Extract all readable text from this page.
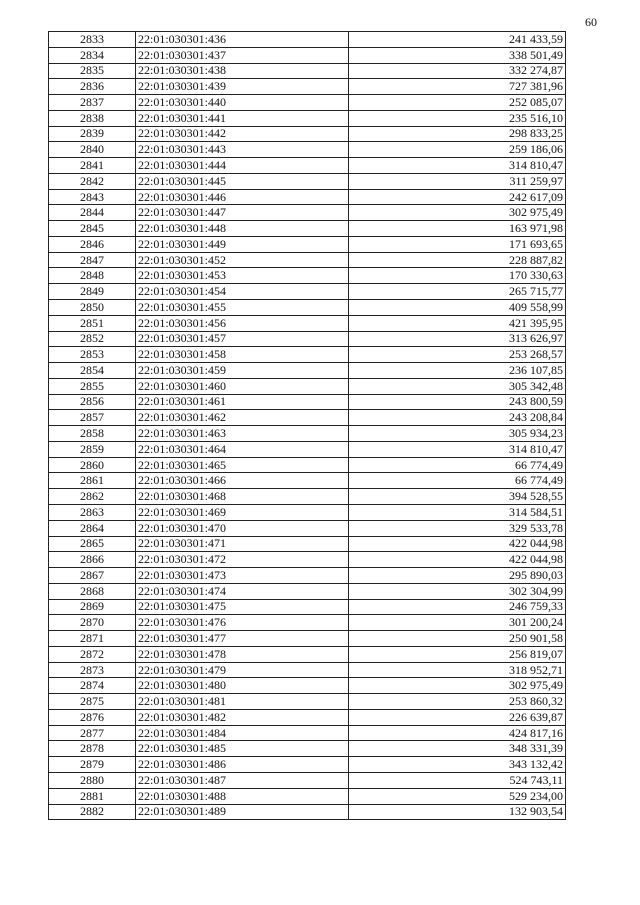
60
2833	22:01:030301:436	241 433,59
2834	22:01:030301:437	338 501,49
2835	22:01:030301:438	332 274,87
2836	22:01:030301:439	727 381,96
2837	22:01:030301:440	252 085,07
2838	22:01:030301:441	235 516,10
2839	22:01:030301:442	298 833,25
2840	22:01:030301:443	259 186,06
2841	22:01:030301:444	314 810,47
2842	22:01:030301:445	311 259,97
2843	22:01:030301:446	242 617,09
2844	22:01:030301:447	302 975,49
2845	22:01:030301:448	163 971,98
2846	22:01:030301:449	171 693,65
2847	22:01:030301:452	228 887,82
2848	22:01:030301:453	170 330,63
2849	22:01:030301:454	265 715,77
2850	22:01:030301:455	409 558,99
2851	22:01:030301:456	421 395,95
2852	22:01:030301:457	313 626,97
2853	22:01:030301:458	253 268,57
2854	22:01:030301:459	236 107,85
2855	22:01:030301:460	305 342,48
2856	22:01:030301:461	243 800,59
2857	22:01:030301:462	243 208,84
2858	22:01:030301:463	305 934,23
2859	22:01:030301:464	314 810,47
2860	22:01:030301:465	66 774,49
2861	22:01:030301:466	66 774,49
2862	22:01:030301:468	394 528,55
2863	22:01:030301:469	314 584,51
2864	22:01:030301:470	329 533,78
2865	22:01:030301:471	422 044,98
2866	22:01:030301:472	422 044,98
2867	22:01:030301:473	295 890,03
2868	22:01:030301:474	302 304,99
2869	22:01:030301:475	246 759,33
2870	22:01:030301:476	301 200,24
2871	22:01:030301:477	250 901,58
2872	22:01:030301:478	256 819,07
2873	22:01:030301:479	318 952,71
2874	22:01:030301:480	302 975,49
2875	22:01:030301:481	253 860,32
2876	22:01:030301:482	226 639,87
2877	22:01:030301:484	424 817,16
2878	22:01:030301:485	348 331,39
2879	22:01:030301:486	343 132,42
2880	22:01:030301:487	524 743,11
2881	22:01:030301:488	529 234,00
2882	22:01:030301:489	132 903,54
